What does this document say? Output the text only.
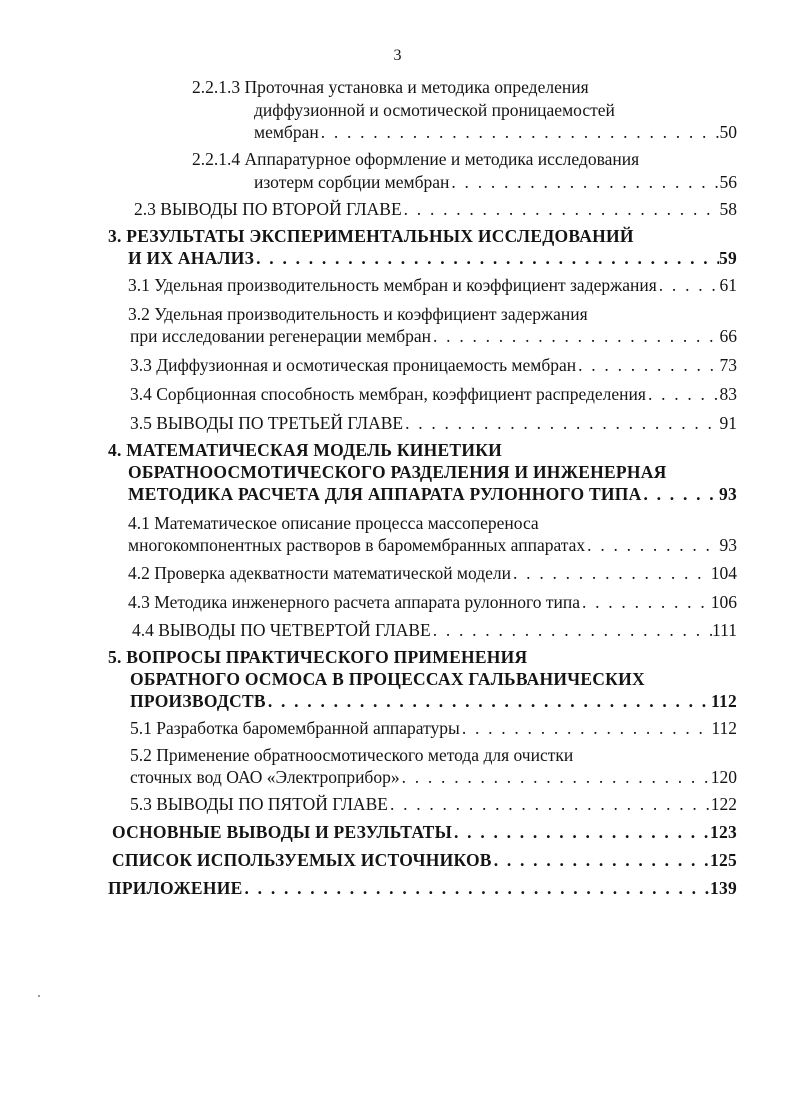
3
2.2.1.3 Проточная установка и методика определения
диффузионной и осмотической проницаемостей
мембран . . .	50
2.2.1.4 Аппаратурное оформление и методика исследования
изотерм сорбции мембран . . .	56
2.3 ВЫВОДЫ ПО ВТОРОЙ ГЛАВЕ . . .	58
3. РЕЗУЛЬТАТЫ ЭКСПЕРИМЕНТАЛЬНЫХ ИССЛЕДОВАНИЙ
И ИХ АНАЛИЗ . . .	59
3.1 Удельная производительность мембран и коэффициент задержания . . .	61
3.2 Удельная производительность и коэффициент задержания
при исследовании регенерации мембран . . .	66
3.3 Диффузионная и осмотическая проницаемость мембран . . .	73
3.4 Сорбционная способность мембран, коэффициент распределения . . .	83
3.5 ВЫВОДЫ ПО ТРЕТЬЕЙ ГЛАВЕ . . .	91
4. МАТЕМАТИЧЕСКАЯ МОДЕЛЬ КИНЕТИКИ
ОБРАТНООСМОТИЧЕСКОГО РАЗДЕЛЕНИЯ И ИНЖЕНЕРНАЯ
МЕТОДИКА РАСЧЕТА ДЛЯ АППАРАТА РУЛОННОГО ТИПА . . .	93
4.1 Математическое описание процесса массопереноса
многокомпонентных растворов в баромембранных аппаратах . . .	93
4.2 Проверка адекватности математической модели . . .	104
4.3 Методика инженерного расчета аппарата рулонного типа . . .	106
4.4 ВЫВОДЫ ПО ЧЕТВЕРТОЙ ГЛАВЕ . . .	111
5. ВОПРОСЫ ПРАКТИЧЕСКОГО ПРИМЕНЕНИЯ
ОБРАТНОГО ОСМОСА В ПРОЦЕССАХ ГАЛЬВАНИЧЕСКИХ
ПРОИЗВОДСТВ . . .	112
5.1 Разработка баромембранной аппаратуры . . .	112
5.2 Применение обратноосмотического метода для очистки
сточных вод ОАО «Электроприбор» . . .	120
5.3 ВЫВОДЫ ПО ПЯТОЙ ГЛАВЕ . . .	122
ОСНОВНЫЕ ВЫВОДЫ И РЕЗУЛЬТАТЫ . . .	123
СПИСОК ИСПОЛЬЗУЕМЫХ ИСТОЧНИКОВ . . .	125
ПРИЛОЖЕНИЕ . . .	139
